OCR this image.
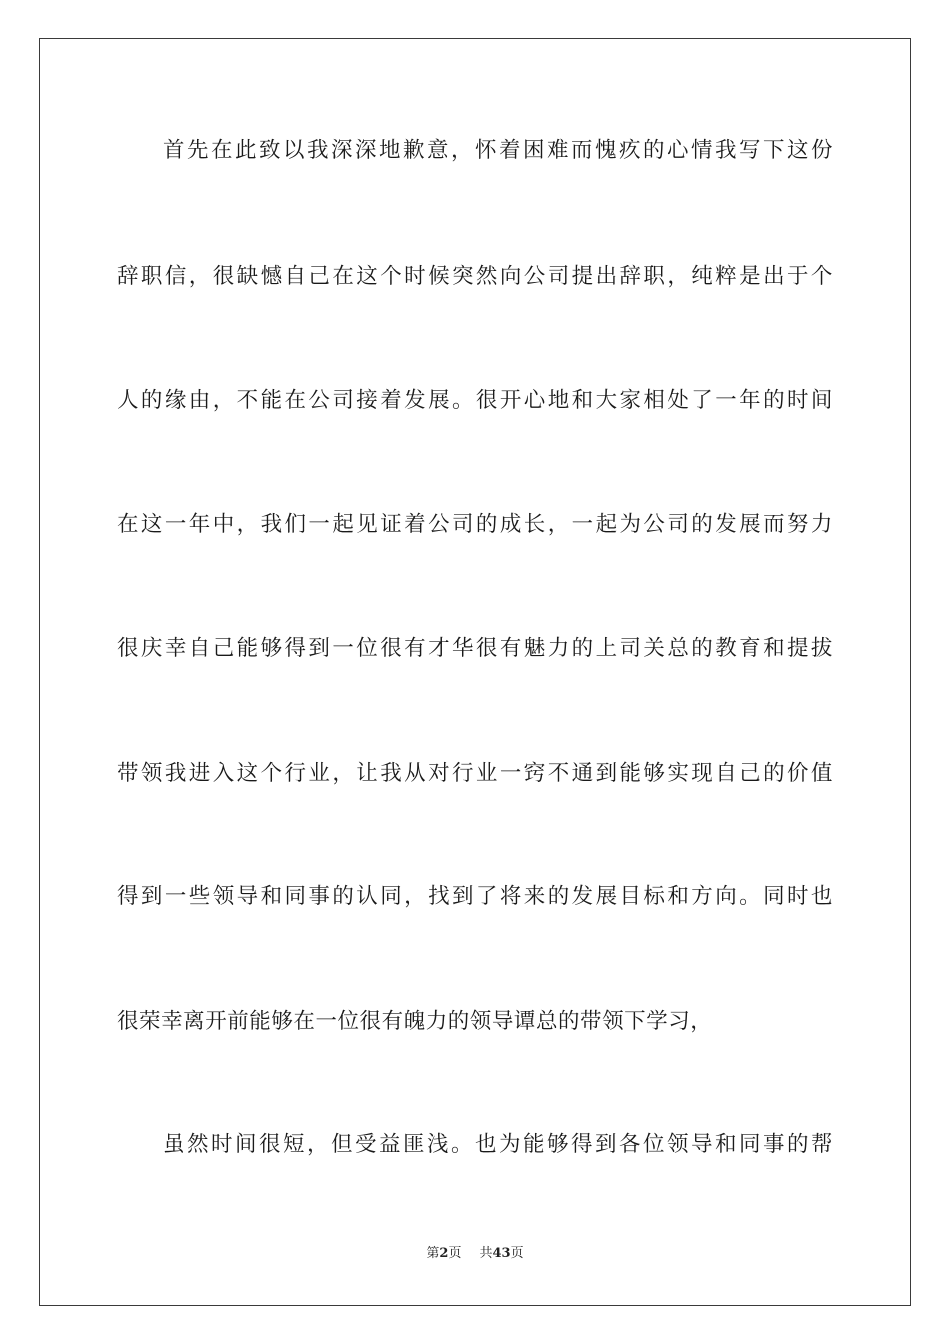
首先在此致以我深深地歉意，怀着困难而愧疚的心情我写下这份
辞职信，很缺憾自己在这个时候突然向公司提出辞职，纯粹是出于个
人的缘由，不能在公司接着发展。很开心地和大家相处了一年的时间
在这一年中，我们一起见证着公司的成长，一起为公司的发展而努力
很庆幸自己能够得到一位很有才华很有魅力的上司关总的教育和提拔
带领我进入这个行业，让我从对行业一窍不通到能够实现自己的价值
得到一些领导和同事的认同，找到了将来的发展目标和方向。同时也
很荣幸离开前能够在一位很有魄力的领导谭总的带领下学习，
虽然时间很短，但受益匪浅。也为能够得到各位领导和同事的帮
第2页 共43页
